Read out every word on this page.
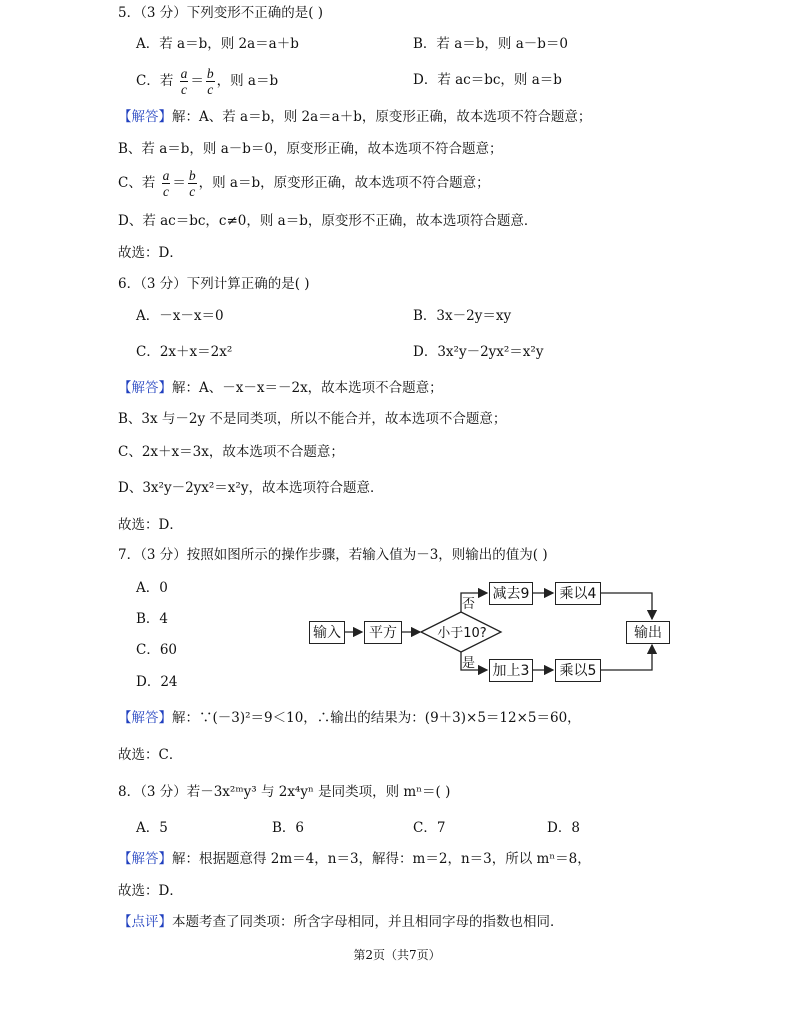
5．（3 分）下列变形不正确的是( )
A．若 a＝b，则 2a＝a＋b	B．若 a＝b，则 a－b＝0
C．若 $\frac{a}{c} = \frac{b}{c}$ ，则 a＝b	D．若 ac＝bc，则 a＝b
【解答】解：A、若 a＝b，则 2a＝a＋b，原变形正确，故本选项不符合题意；
B、若 a＝b，则 a－b＝0，原变形正确，故本选项不符合题意；
C、若 $\frac{a}{c} = \frac{b}{c}$ ，则 a＝b，原变形正确，故本选项不符合题意；
D、若 ac＝bc，c≠0，则 a＝b，原变形不正确，故本选项符合题意．
故选：D．
6．（3 分）下列计算正确的是( )
A．－x－x＝0	B．3x－2y＝xy
C．2x＋x＝2x²	D．3x²y－2yx²＝x²y
【解答】解：A、－x－x＝－2x，故本选项不合题意；
B、3x 与－2y 不是同类项，所以不能合并，故本选项不合题意；
C、2x＋x＝3x，故本选项不合题意；
D、3x²y－2yx²＝x²y，故本选项符合题意．
故选：D．
7．（3 分）按照如图所示的操作步骤，若输入值为－3，则输出的值为( )
A．0
B．4
C．60
D．24
输入	平方	小于10?
否
是
减去9	乘以4
加上3	乘以5
输出
【解答】解：∵(－3)²＝9＜10，∴输出的结果为：(9＋3)×5＝12×5＝60，
故选：C．
8．（3 分）若－3x²ᵐy³ 与 2x⁴yⁿ 是同类项，则 mⁿ＝( )
A．5	B．6	C．7	D．8
【解答】解：根据题意得 2m＝4，n＝3，解得：m＝2，n＝3，所以 mⁿ＝8，
故选：D．
【点评】本题考查了同类项：所含字母相同，并且相同字母的指数也相同．
第2页（共7页）
